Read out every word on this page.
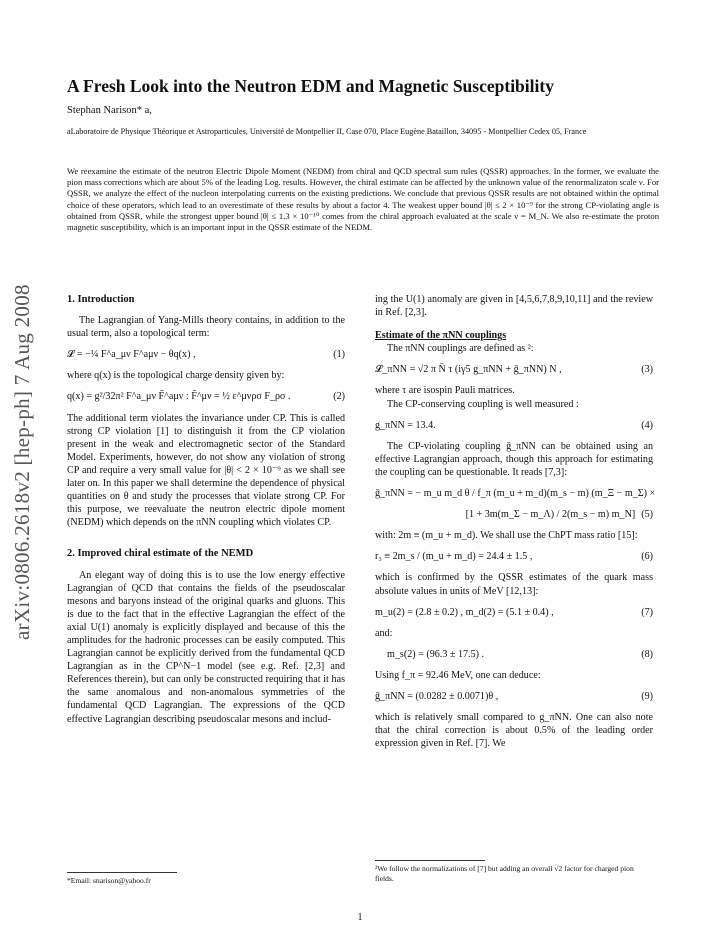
arXiv:0806.2618v2 [hep-ph] 7 Aug 2008
A Fresh Look into the Neutron EDM and Magnetic Susceptibility
Stephan Narison* a,
aLaboratoire de Physique Théorique et Astroparticules, Université de Montpellier II, Case 070, Place Eugène Bataillon, 34095 - Montpellier Cedex 05, France
We reexamine the estimate of the neutron Electric Dipole Moment (NEDM) from chiral and QCD spectral sum rules (QSSR) approaches. In the former, we evaluate the pion mass corrections which are about 5% of the leading Log. results. However, the chiral estimate can be affected by the unknown value of the renormalizaton scale ν. For QSSR, we analyze the effect of the nucleon interpolating currents on the existing predictions. We conclude that previous QSSR results are not obtained within the optimal choice of these operators, which lead to an overestimate of these results by about a factor 4. The weakest upper bound |θ| ≤ 2 × 10⁻⁹ for the strong CP-violating angle is obtained from QSSR, while the strongest upper bound |θ| ≤ 1.3 × 10⁻¹⁰ comes from the chiral approach evaluated at the scale ν = M_N. We also re-estimate the proton magnetic susceptibility, which is an important input in the QSSR estimate of the NEDM.
1. Introduction

The Lagrangian of Yang-Mills theory contains, in addition to the usual term, also a topological term:

𝓛 = −¼ F^a_μν F^aμν − θq(x) ,	(1)

where q(x) is the topological charge density given by:

q(x) = g²/32π² F^a_μν F̃^aμν : F̃^μν = ½ ε^μνρσ F_ρσ .	(2)

The additional term violates the invariance under CP. This is called strong CP violation [1] to distinguish it from the CP violation present in the weak and electromagnetic sector of the Standard Model. Experiments, however, do not show any violation of strong CP and require a very small value for |θ| < 2 × 10⁻⁹ as we shall see later on. In this paper we shall determine the dependence of physical quantities on θ and study the processes that violate strong CP. For this purpose, we reevaluate the neutron electric dipole moment (NEDM) which depends on the πNN coupling which violates CP.

2. Improved chiral estimate of the NEMD

An elegant way of doing this is to use the low energy effective Lagrangian of QCD that contains the fields of the pseudoscalar mesons and baryons instead of the original quarks and gluons. This is due to the fact that in the effective Lagrangian the effect of the axial U(1) anomaly is explicitly displayed and because of this the amplitudes for the hadronic processes can be easily computed. This Lagrangian cannot be explicitly derived from the fundamental QCD Lagrangian as in the CP^N−1 model (see e.g. Ref. [2,3] and References therein), but can only be constructed requiring that it has the same anomalous and non-anomalous symmetries of the fundamental QCD Lagrangian. The expressions of the QCD effective Lagrangian describing pseudoscalar mesons and includ-

ing the U(1) anomaly are given in [4,5,6,7,8,9,10,11] and the review in Ref. [2,3].

Estimate of the πNN couplings

The πNN couplings are defined as ²:

𝓛_πNN = √2 π N̄ τ (iγ5 g_πNN + ḡ_πNN) N ,	(3)

where τ are isospin Pauli matrices.

The CP-conserving coupling is well measured :

g_πNN = 13.4.	(4)

The CP-violating coupling ḡ_πNN can be obtained using an effective Lagrangian approach, though this approach for estimating the coupling can be questionable. It reads [7,3]:

ḡ_πNN = − m_u m_d θ / f_π (m_u + m_d)(m_s − m) (m_Ξ − m_Σ) ×
[1 + 3m(m_Σ − m_Λ) / 2(m_s − m) m_N] (5)

with: 2m ≡ (m_u + m_d). We shall use the ChPT mass ratio [15]:

r₃ ≡ 2m_s / (m_u + m_d) = 24.4 ± 1.5 ,	(6)

which is confirmed by the QSSR estimates of the quark mass absolute values in units of MeV [12,13]:

m_u(2) = (2.8 ± 0.2) , m_d(2) = (5.1 ± 0.4) ,	(7)

and:

m_s(2) = (96.3 ± 17.5) .	(8)

Using f_π = 92.46 MeV, one can deduce:

ḡ_πNN = (0.0282 ± 0.0071)θ ,	(9)

which is relatively small compared to g_πNN. One can also note that the chiral correction is about 0.5% of the leading order expression given in Ref. [7]. We

*Email: snarison@yahoo.fr
²We follow the normalizations of [7] but adding an overall √2 factor for charged pion fields.
1
